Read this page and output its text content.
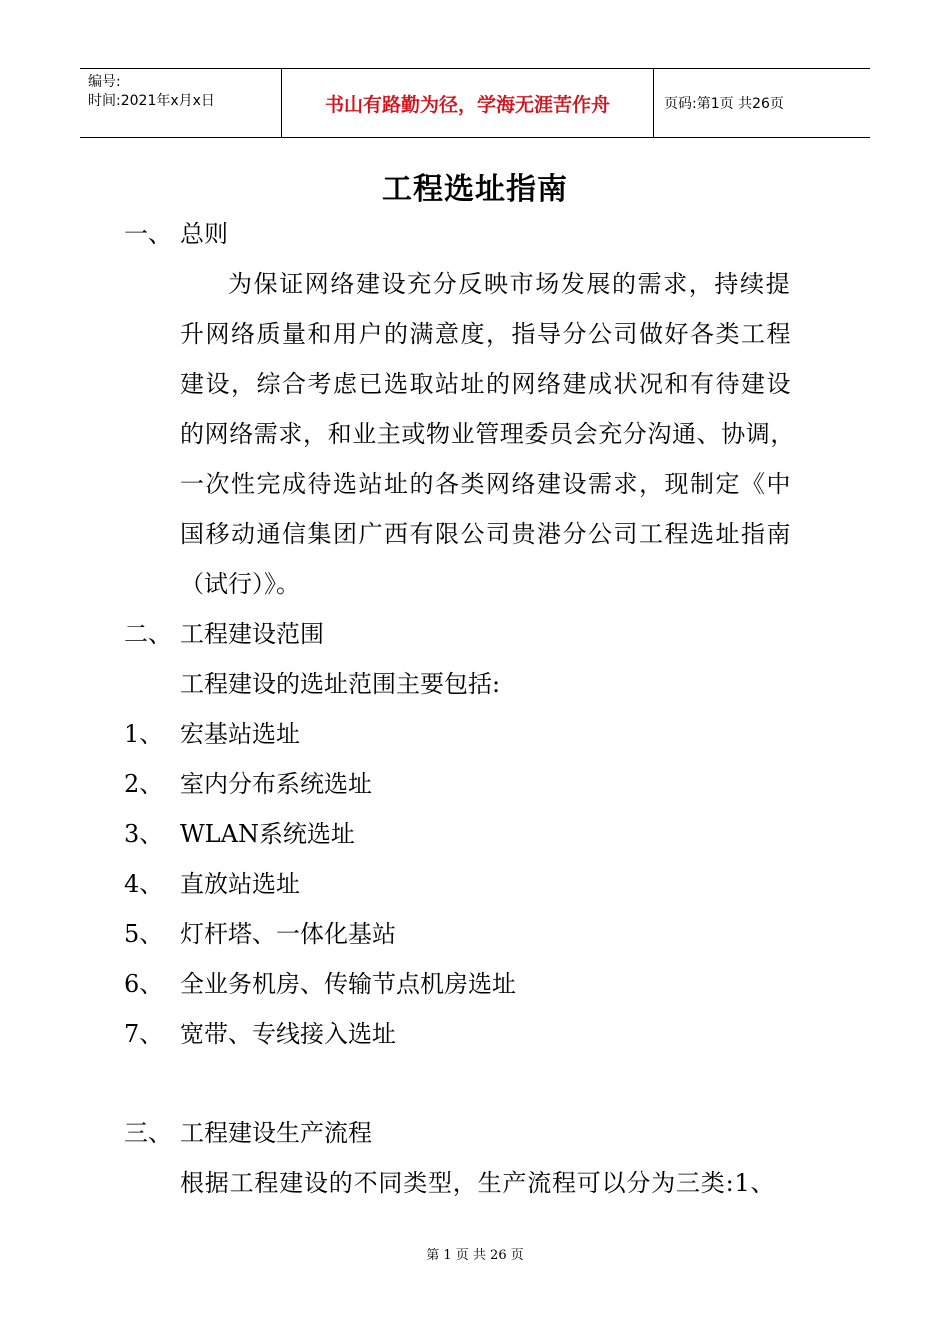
编号:
时间:2021年x月x日	书山有路勤为径，学海无涯苦作舟	页码:第1页 共26页
工程选址指南
一、 总则
为保证网络建设充分反映市场发展的需求，持续提
升网络质量和用户的满意度，指导分公司做好各类工程
建设，综合考虑已选取站址的网络建成状况和有待建设
的网络需求，和业主或物业管理委员会充分沟通、协调，
一次性完成待选站址的各类网络建设需求，现制定《中
国移动通信集团广西有限公司贵港分公司工程选址指南
（试行）》。
二、 工程建设范围
工程建设的选址范围主要包括:
1、 宏基站选址
2、 室内分布系统选址
3、 WLAN系统选址
4、 直放站选址
5、 灯杆塔、一体化基站
6、 全业务机房、传输节点机房选址
7、 宽带、专线接入选址
三、 工程建设生产流程
根据工程建设的不同类型，生产流程可以分为三类:1、
第 1 页 共 26 页
